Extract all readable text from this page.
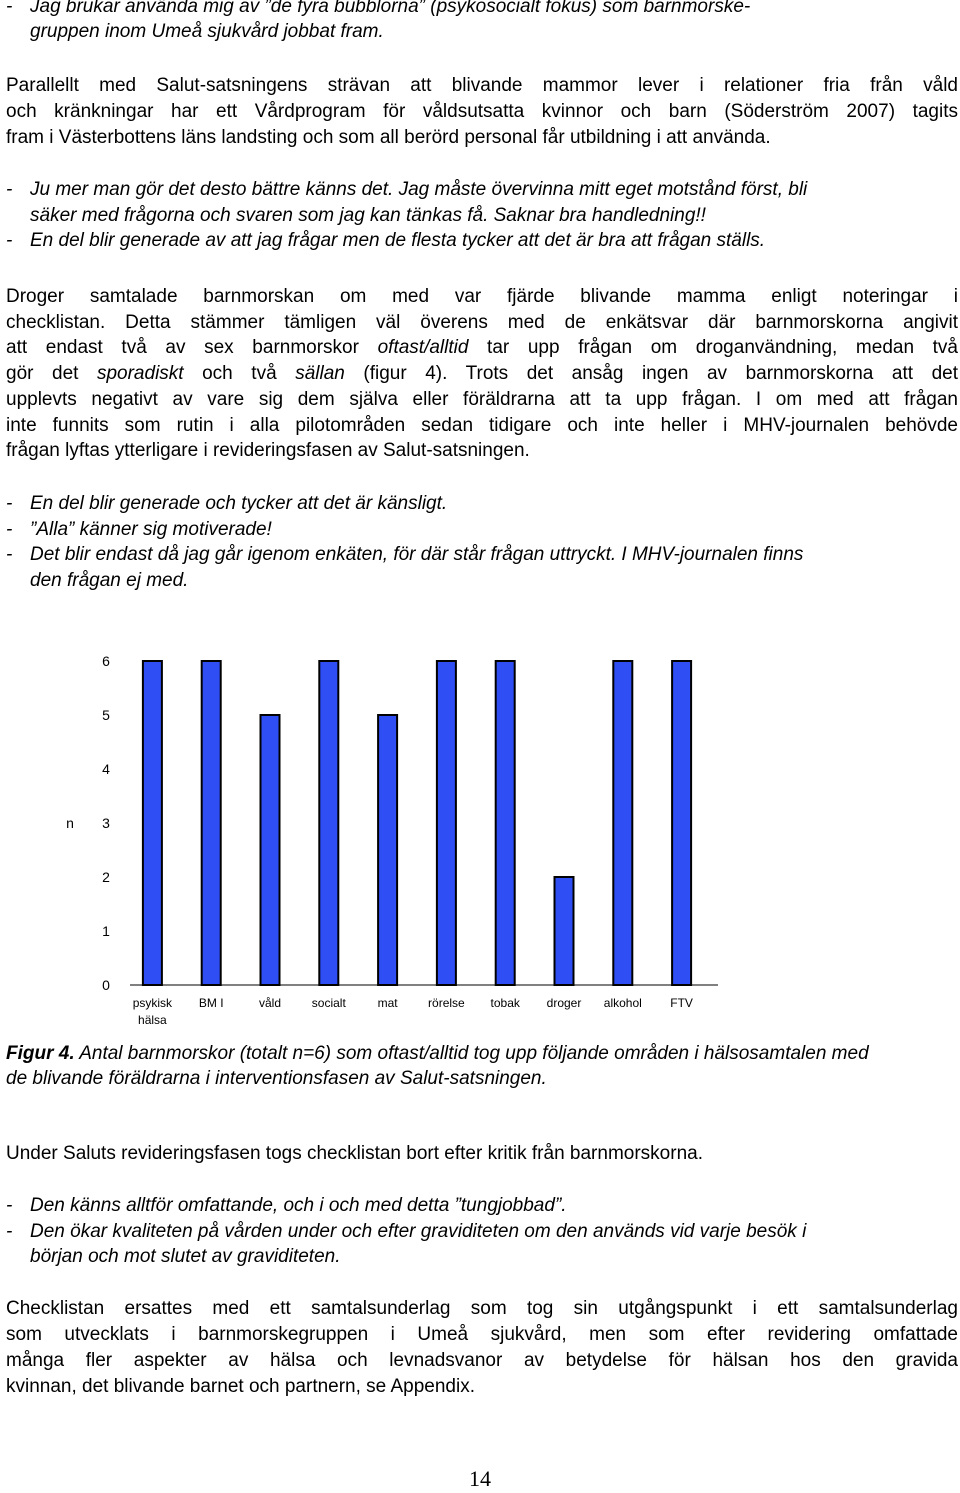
- Jag brukar använda mig av ”de fyra bubblorna” (psykosocialt fokus) som barnmorske-
gruppen inom Umeå sjukvård jobbat fram.
Parallellt med Salut-satsningens strävan att blivande mammor lever i relationer fria från våld
och kränkningar har ett Vårdprogram för våldsutsatta kvinnor och barn (Söderström 2007) tagits
fram i Västerbottens läns landsting och som all berörd personal får utbildning i att använda.
- Ju mer man gör det desto bättre känns det. Jag måste övervinna mitt eget motstånd först, bli
säker med frågorna och svaren som jag kan tänkas få. Saknar bra handledning!!
- En del blir generade av att jag frågar men de flesta tycker att det är bra att frågan ställs.
Droger samtalade barnmorskan om med var fjärde blivande mamma enligt noteringar i
checklistan. Detta stämmer tämligen väl överens med de enkätsvar där barnmorskorna angivit
att endast två av sex barnmorskor oftast/alltid tar upp frågan om droganvändning, medan två
gör det sporadiskt och två sällan (figur 4). Trots det ansåg ingen av barnmorskorna att det
upplevts negativt av vare sig dem själva eller föräldrarna att ta upp frågan. I om med att frågan
inte funnits som rutin i alla pilotområden sedan tidigare och inte heller i MHV-journalen behövde
frågan lyftas ytterligare i revideringsfasen av Salut-satsningen.
- En del blir generade och tycker att det är känsligt.
- ”Alla” känner sig motiverade!
- Det blir endast då jag går igenom enkäten, för där står frågan uttryckt. I MHV-journalen finns
den frågan ej med.
0
1
2
3
4
5
6
n
psykisk
hälsa
BM I	våld	socialt	mat	rörelse tobak droger alkohol FTV
Figur 4. Antal barnmorskor (totalt n=6) som oftast/alltid tog upp följande områden i hälsosamtalen med
de blivande föräldrarna i interventionsfasen av Salut-satsningen.
Under Saluts revideringsfasen togs checklistan bort efter kritik från barnmorskorna.
- Den känns alltför omfattande, och i och med detta ”tungjobbad”.
- Den ökar kvaliteten på vården under och efter graviditeten om den används vid varje besök i
början och mot slutet av graviditeten.
Checklistan ersattes med ett samtalsunderlag som tog sin utgångspunkt i ett samtalsunderlag
som utvecklats i barnmorskegruppen i Umeå sjukvård, men som efter revidering omfattade
många fler aspekter av hälsa och levnadsvanor av betydelse för hälsan hos den gravida
kvinnan, det blivande barnet och partnern, se Appendix.
14
